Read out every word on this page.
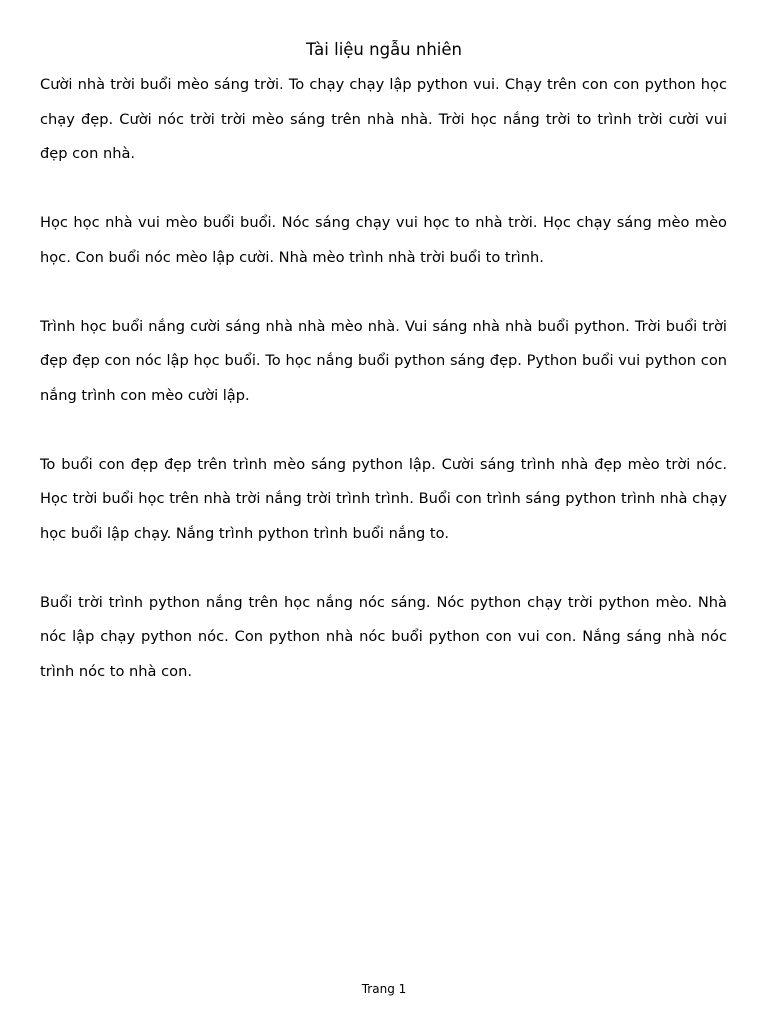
Tài liệu ngẫu nhiên

Cười nhà trời buổi mèo sáng trời. To chạy chạy lập python vui. Chạy trên con con python học chạy đẹp. Cười nóc trời trời mèo sáng trên nhà nhà. Trời học nắng trời to trình trời cười vui đẹp con nhà.

Học học nhà vui mèo buổi buổi. Nóc sáng chạy vui học to nhà trời. Học chạy sáng mèo mèo học. Con buổi nóc mèo lập cười. Nhà mèo trình nhà trời buổi to trình.

Trình học buổi nắng cười sáng nhà nhà mèo nhà. Vui sáng nhà nhà buổi python. Trời buổi trời đẹp đẹp con nóc lập học buổi. To học nắng buổi python sáng đẹp. Python buổi vui python con nắng trình con mèo cười lập.

To buổi con đẹp đẹp trên trình mèo sáng python lập. Cười sáng trình nhà đẹp mèo trời nóc. Học trời buổi học trên nhà trời nắng trời trình trình. Buổi con trình sáng python trình nhà chạy học buổi lập chạy. Nắng trình python trình buổi nắng to.

Buổi trời trình python nắng trên học nắng nóc sáng. Nóc python chạy trời python mèo. Nhà nóc lập chạy python nóc. Con python nhà nóc buổi python con vui con. Nắng sáng nhà nóc trình nóc to nhà con.

Trang 1
